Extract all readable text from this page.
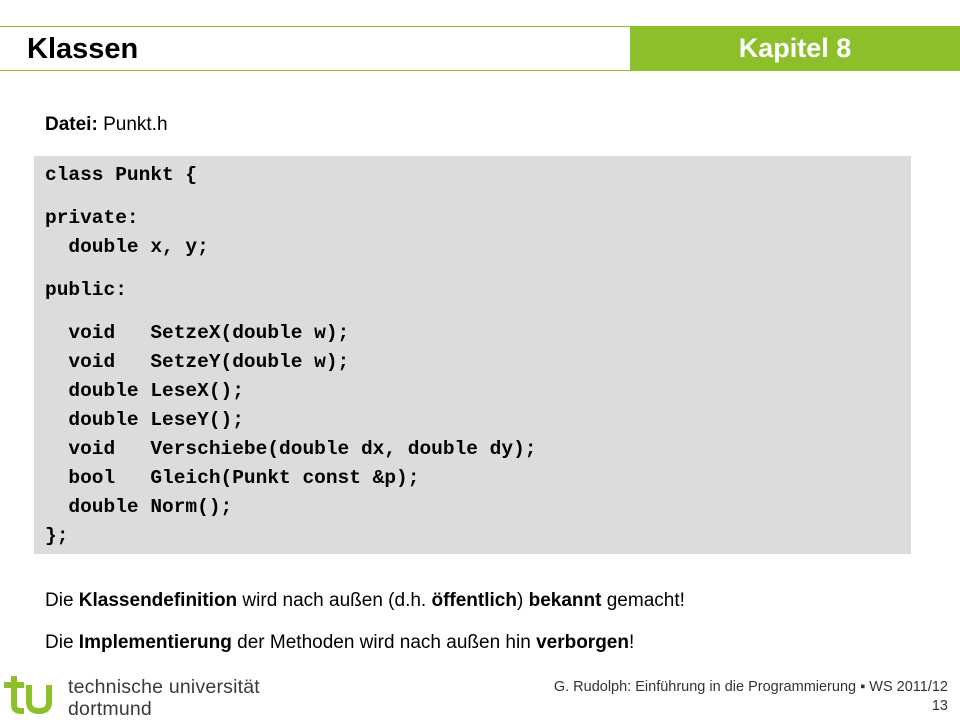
Klassen	Kapitel 8
Datei: Punkt.h
class Punkt {
private:
double x, y;
public:
void   SetzeX(double w);
void   SetzeY(double w);
double LeseX();
double LeseY();
void   Verschiebe(double dx, double dy);
bool   Gleich(Punkt const &p);
double Norm();
};
Die Klassendefinition wird nach außen (d.h. öffentlich) bekannt gemacht!
Die Implementierung der Methoden wird nach außen hin verborgen!
technische universität
dortmund
G. Rudolph: Einführung in die Programmierung ▪ WS 2011/12
13
